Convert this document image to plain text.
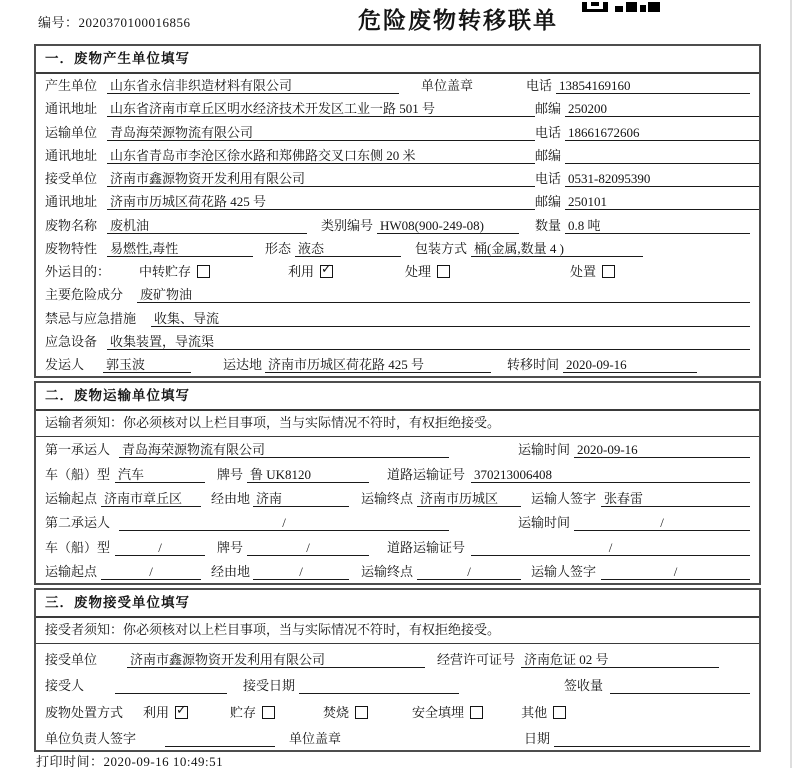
编号：2020370100016856	危险废物转移联单
一．废物产生单位填写
产生单位 山东省永信非织造材料有限公司	单位盖章	电话 13854169160
通讯地址 山东省济南市章丘区明水经济技术开发区工业一路 501 号	邮编 250200
运输单位 青岛海荣源物流有限公司	电话 18661672606
通讯地址 山东省青岛市李沧区徐水路和郑佛路交叉口东侧 20 米	邮编
接受单位 济南市鑫源物资开发利用有限公司	电话 0531-82095390
通讯地址 济南市历城区荷花路 425 号	邮编 250101
废物名称 废机油	类别编号 HW08(900-249-08)	数量 0.8 吨
废物特性 易燃性,毒性	形态 液态	包装方式 桶(金属,数量 4 )
外运目的：	中转贮存	利用 ✓	处理	处置
主要危险成分	废矿物油
禁忌与应急措施	收集、导流
应急设备 收集装置，导流渠
发运人	郭玉波	运达地 济南市历城区荷花路 425 号	转移时间 2020-09-16
二．废物运输单位填写
运输者须知：你必须核对以上栏目事项，当与实际情况不符时，有权拒绝接受。
第一承运人 青岛海荣源物流有限公司	运输时间 2020-09-16
车（船）型 汽车	牌号 鲁 UK8120	道路运输证号 370213006408
运输起点 济南市章丘区	经由地 济南	运输终点 济南市历城区	运输人签字 张春雷
第二承运人	/	运输时间	/
车（船）型	/	牌号	/	道路运输证号	/
运输起点	/	经由地	/	运输终点	/	运输人签字	/
三．废物接受单位填写
接受者须知：你必须核对以上栏目事项，当与实际情况不符时，有权拒绝接受。
接受单位	济南市鑫源物资开发利用有限公司	经营许可证号 济南危证 02 号
接受人	接受日期	签收量
废物处置方式 利用 ✓	贮存	焚烧	安全填埋	其他
单位负责人签字	单位盖章	日期
打印时间：2020-09-16 10:49:51
